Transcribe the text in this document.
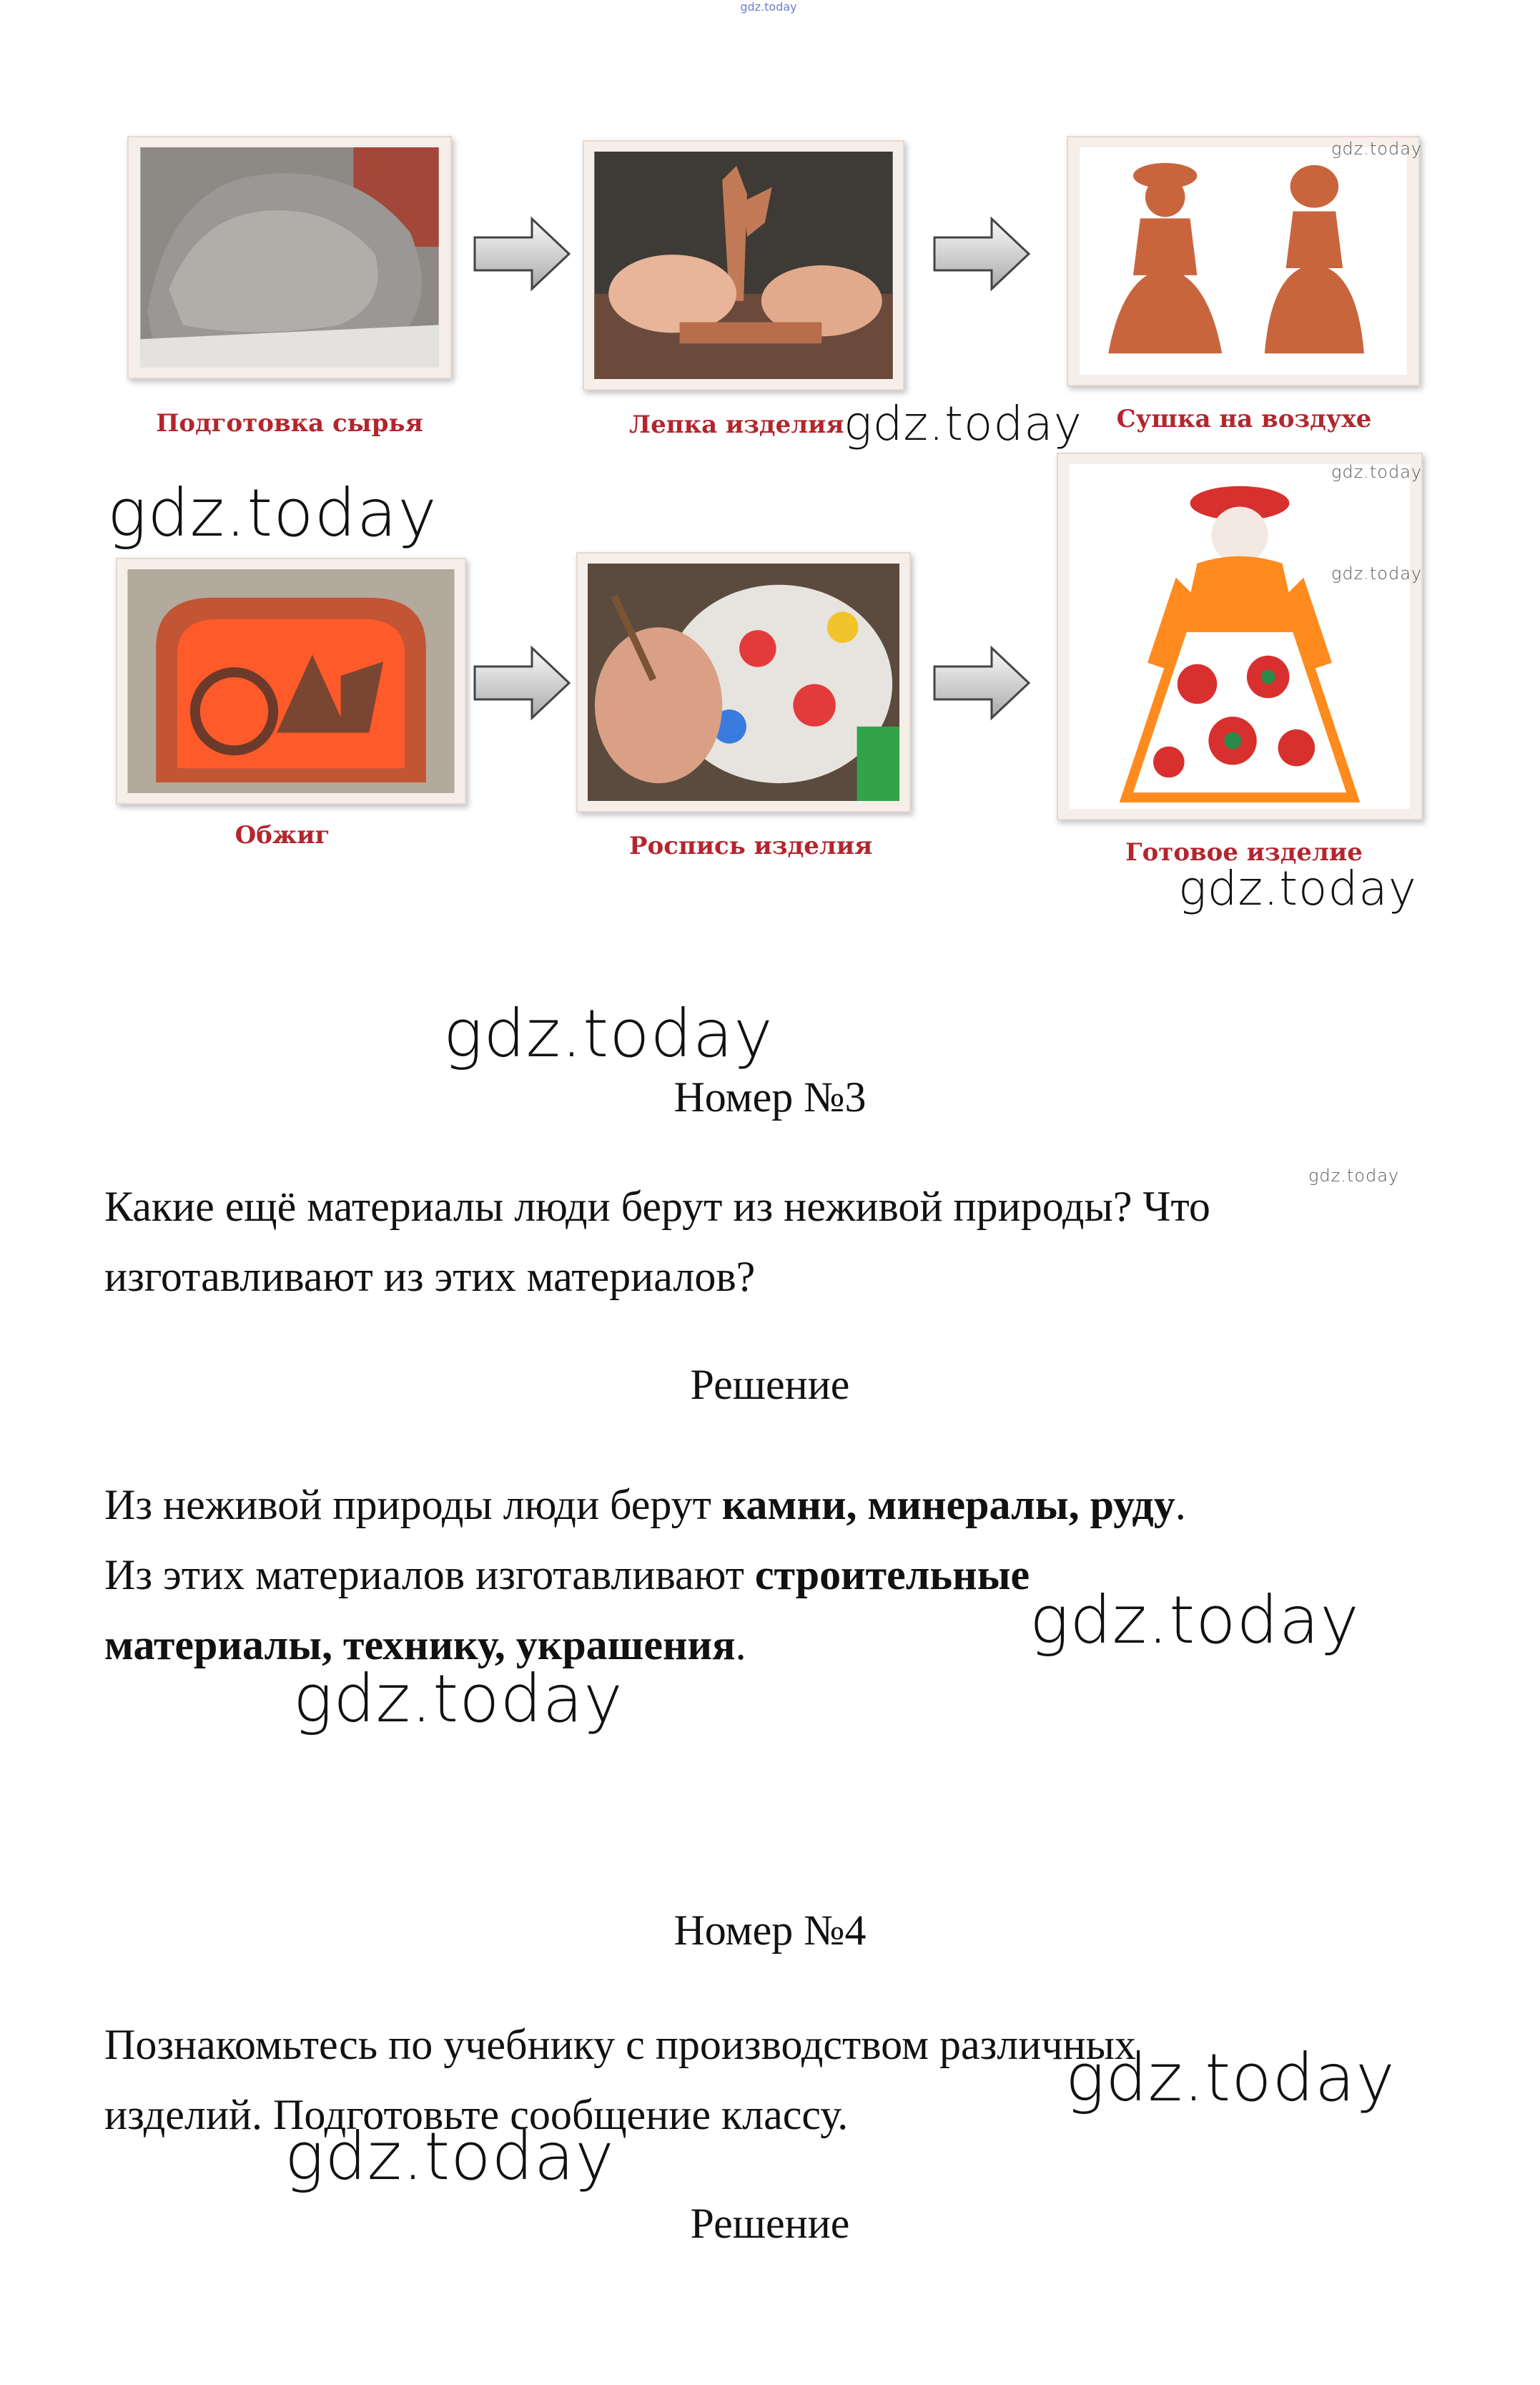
gdz.today
Подготовка сырья	Лепка изделия	Сушка на воздухе
Обжиг	Роспись изделия	Готовое изделие
gdz.today
gdz.today
gdz.today
gdz.today
gdz.today
gdz.today
gdz.today
gdz.today
gdz.today
gdz.today
gdz.today
gdz.today
Номер №3
Какие ещё материалы люди берут из неживой природы? Что
изготавливают из этих материалов?
Решение
Из неживой природы люди берут камни, минералы, руду.
Из этих материалов изготавливают строительные
материалы, технику, украшения.
Номер №4
Познакомьтесь по учебнику с производством различных
изделий. Подготовьте сообщение классу.
Решение
